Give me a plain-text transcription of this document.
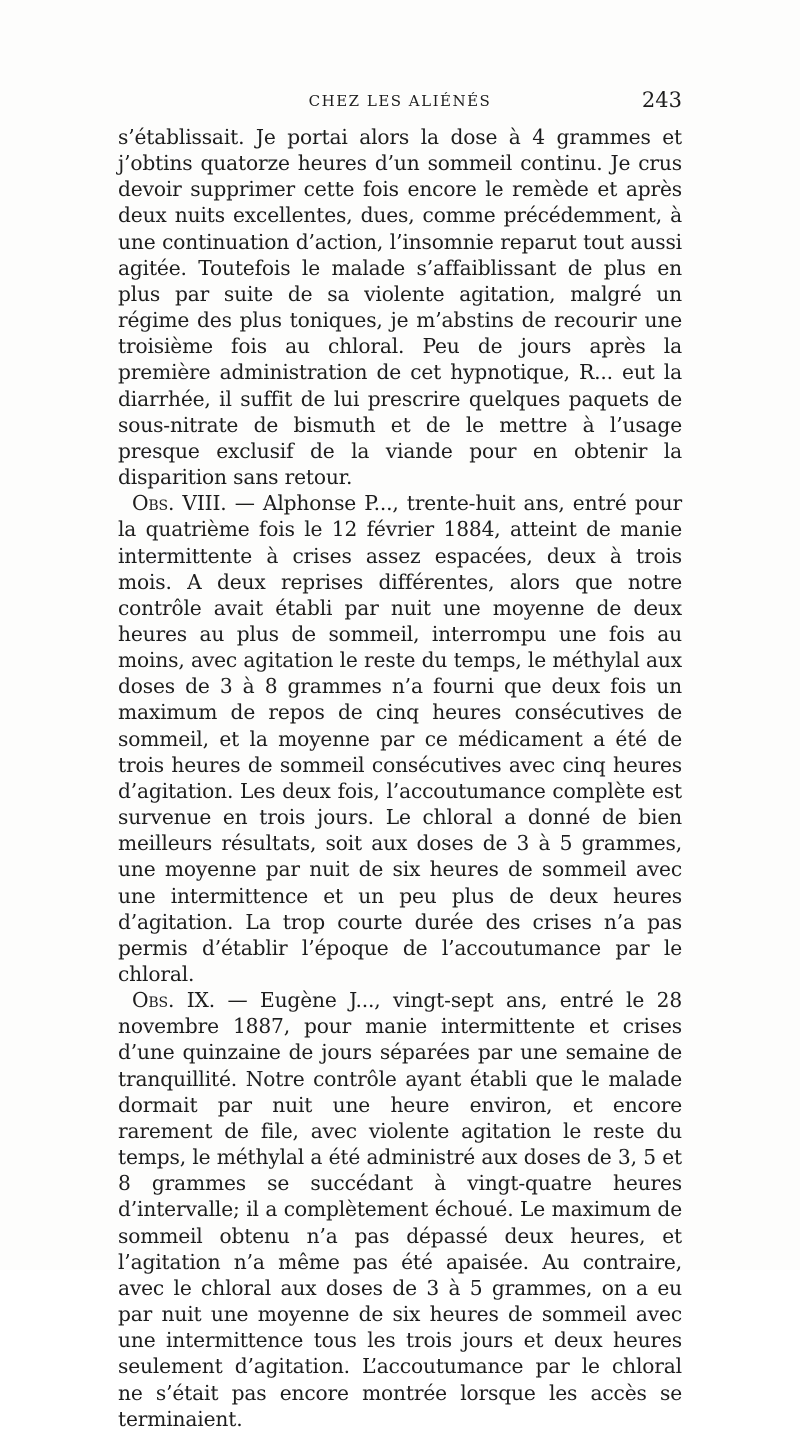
CHEZ LES ALIÉNÉS	243

s’établissait. Je portai alors la dose à 4 grammes et j’obtins quatorze heures d’un sommeil continu. Je crus devoir supprimer cette fois encore le remède et après deux nuits excellentes, dues, comme précédemment, à une continuation d’action, l’insomnie reparut tout aussi agitée. Toutefois le malade s’affaiblissant de plus en plus par suite de sa violente agitation, malgré un régime des plus toniques, je m’abstins de recourir une troisième fois au chloral. Peu de jours après la première administration de cet hypnotique, R... eut la diarrhée, il suffit de lui prescrire quelques paquets de sous-nitrate de bismuth et de le mettre à l’usage presque exclusif de la viande pour en obtenir la disparition sans retour.

Obs. VIII. — Alphonse P..., trente-huit ans, entré pour la quatrième fois le 12 février 1884, atteint de manie intermittente à crises assez espacées, deux à trois mois. A deux reprises différentes, alors que notre contrôle avait établi par nuit une moyenne de deux heures au plus de sommeil, interrompu une fois au moins, avec agitation le reste du temps, le méthylal aux doses de 3 à 8 grammes n’a fourni que deux fois un maximum de repos de cinq heures consécutives de sommeil, et la moyenne par ce médicament a été de trois heures de sommeil consécutives avec cinq heures d’agitation. Les deux fois, l’accoutumance complète est survenue en trois jours. Le chloral a donné de bien meilleurs résultats, soit aux doses de 3 à 5 grammes, une moyenne par nuit de six heures de sommeil avec une intermittence et un peu plus de deux heures d’agitation. La trop courte durée des crises n’a pas permis d’établir l’époque de l’accoutumance par le chloral.

Obs. IX. — Eugène J..., vingt-sept ans, entré le 28 novembre 1887, pour manie intermittente et crises d’une quinzaine de jours séparées par une semaine de tranquillité. Notre contrôle ayant établi que le malade dormait par nuit une heure environ, et encore rarement de file, avec violente agitation le reste du temps, le méthylal a été administré aux doses de 3, 5 et 8 grammes se succédant à vingt-quatre heures d’intervalle; il a complètement échoué. Le maximum de sommeil obtenu n’a pas dépassé deux heures, et l’agitation n’a même pas été apaisée. Au contraire, avec le chloral aux doses de 3 à 5 grammes, on a eu par nuit une moyenne de six heures de sommeil avec une intermittence tous les trois jours et deux heures seulement d’agitation. L’accoutumance par le chloral ne s’était pas encore montrée lorsque les accès se terminaient.
